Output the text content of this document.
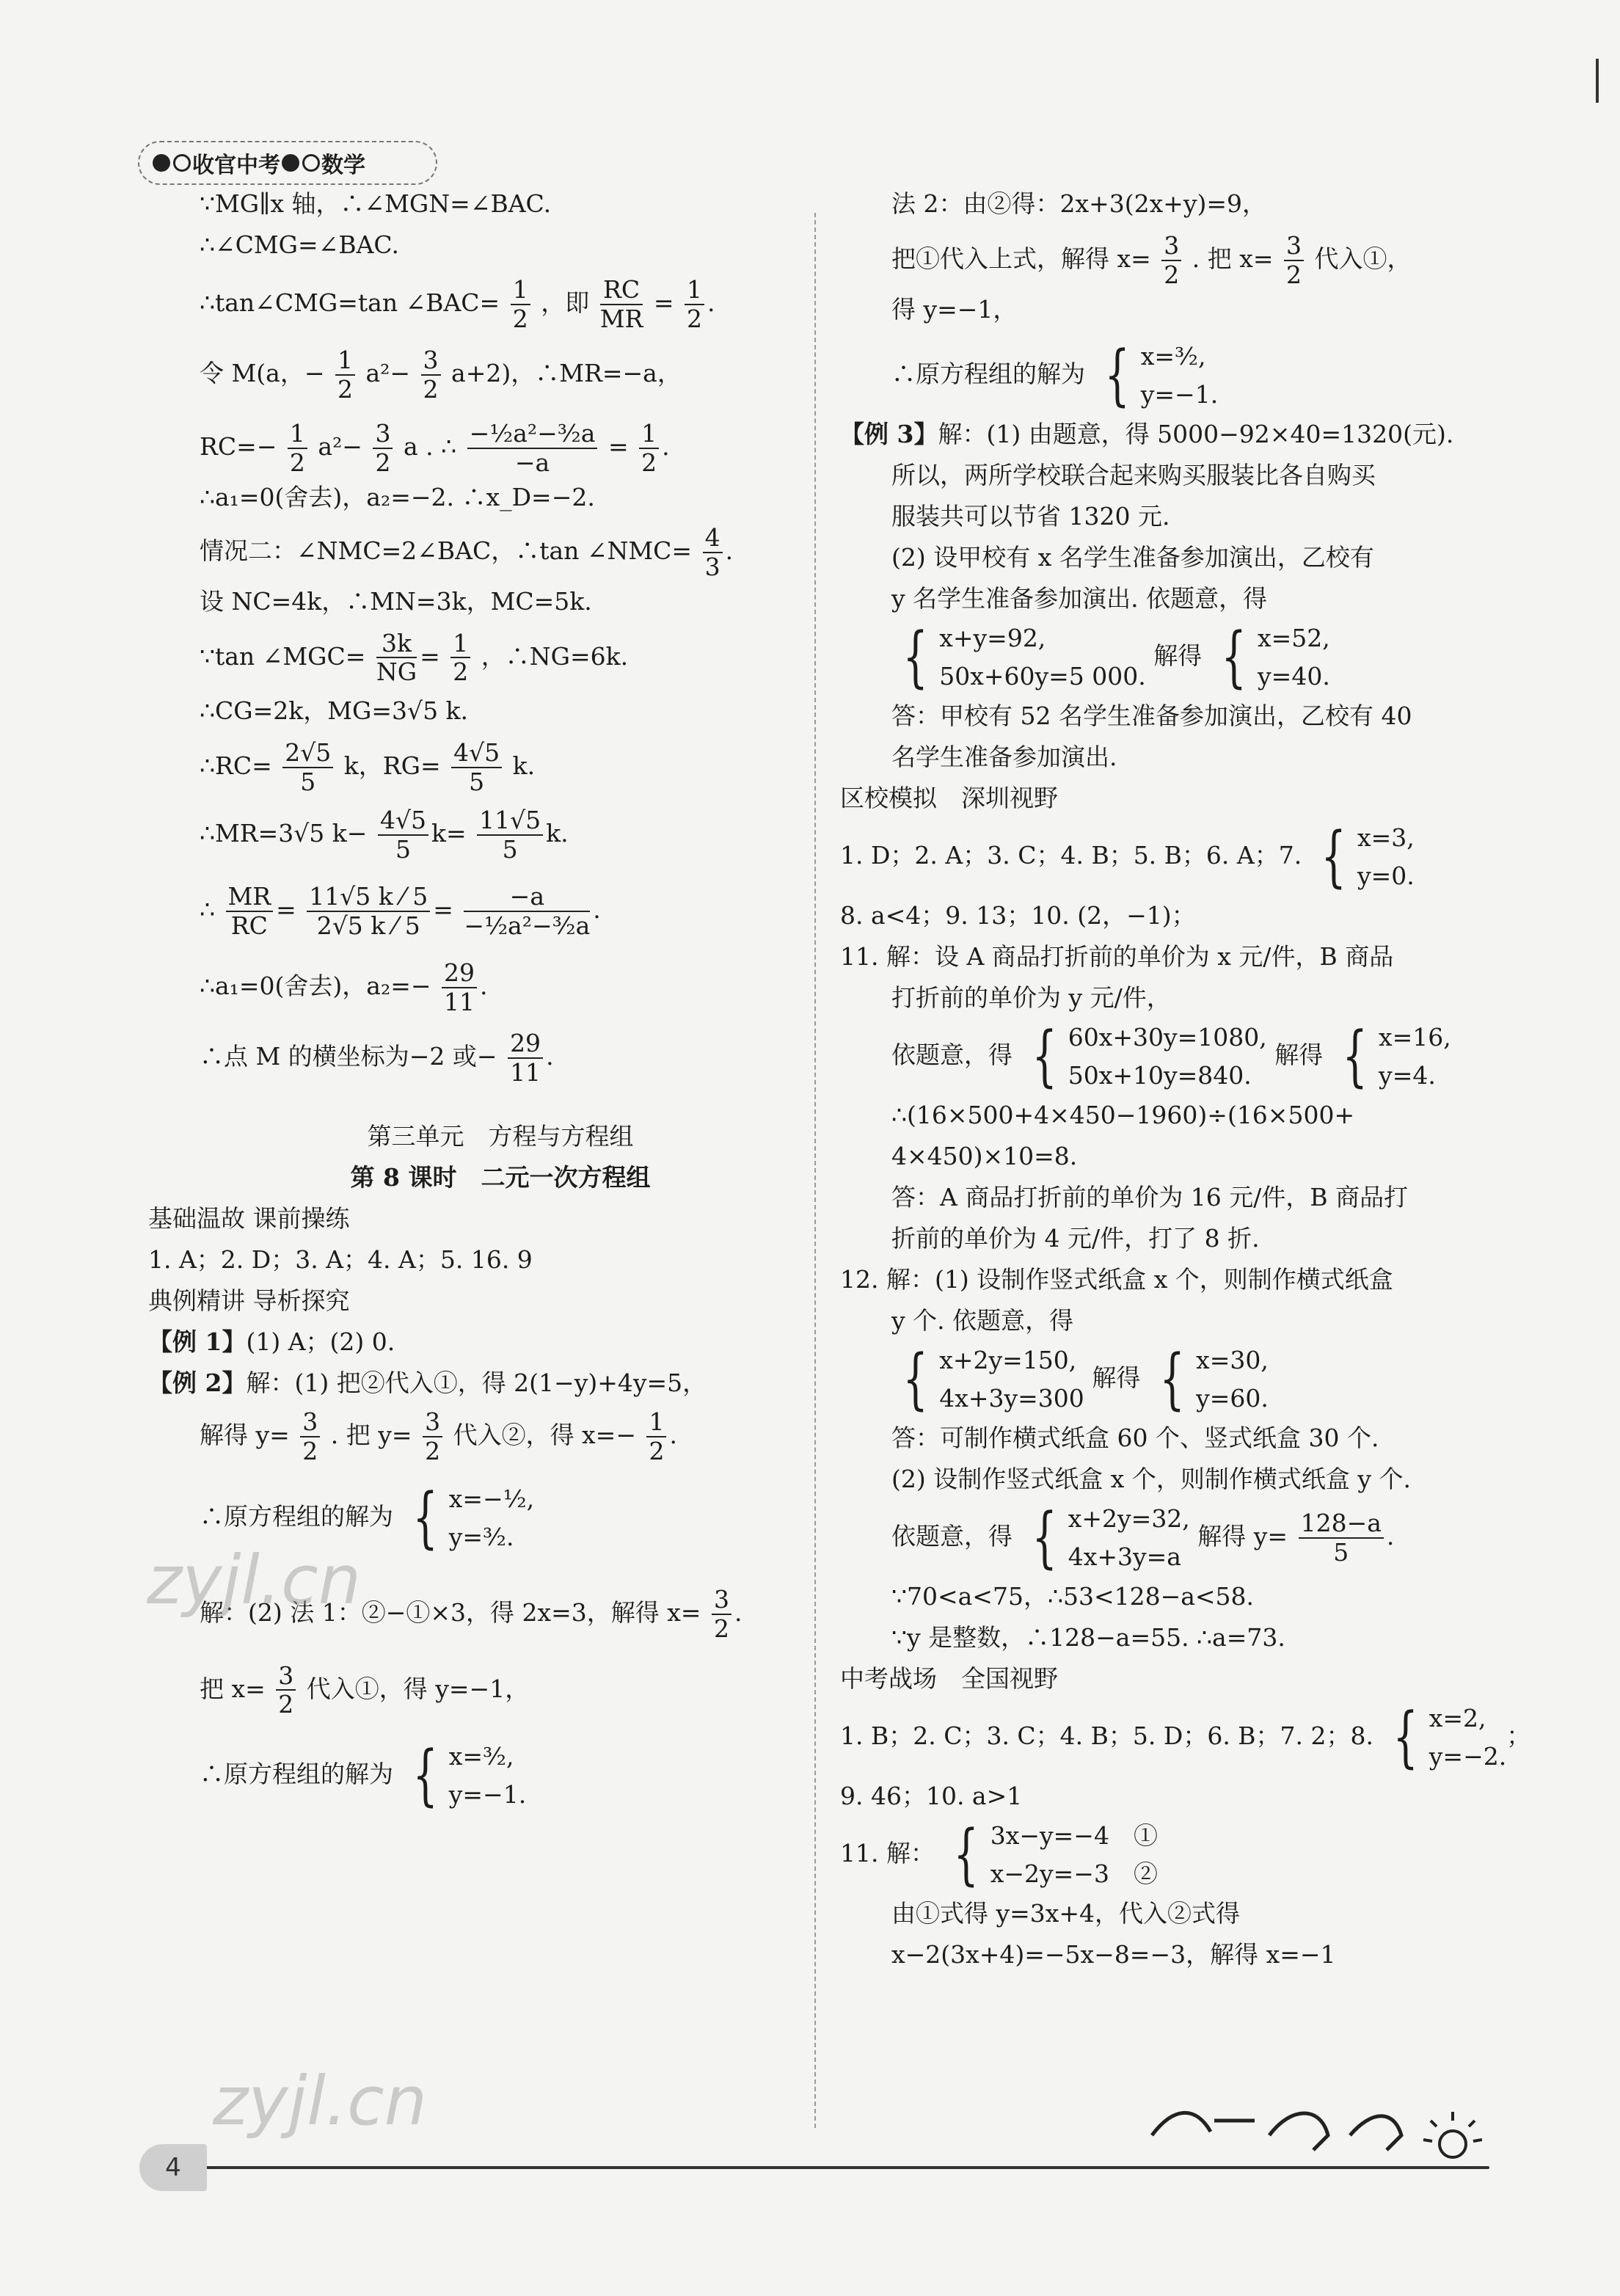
收官中考 数学
∵MG∥x 轴，∴∠MGN=∠BAC.
∴∠CMG=∠BAC.
∴tan∠CMG=tan ∠BAC= $\frac{1}{2}$ ，即 $\frac{RC}{MR} = \frac{1}{2}$ .
令 M(a，− $\frac{1}{2} a^2- \frac{3}{2} a+2$)，∴MR=−a，
$RC=- \frac{1}{2} a^2- \frac{3}{2}$ a . ∴ $\frac{\text{−½a²−³⁄₂a}}{-a} = \frac{1}{2}$ .
∴a₁=0(舍去)，a₂=−2. ∴x_D=−2.
情况二：∠NMC=2∠BAC，∴tan ∠NMC= $\frac{4}{3}$ .
设 NC=4k，∴MN=3k，MC=5k.
∵tan ∠MGC= $\frac{3k}{NG} = \frac{1}{2}$ ，∴NG=6k.
∴CG=2k，MG=3√5 k.
∴RC= $\frac{2√5}{5}$ k，$RG= \frac{4√5}{5} k$.
∴MR=3√5 $k- \frac{4√5}{5} k= \frac{11√5}{5} k$.
∴ $\frac{MR}{RC} = \frac{11√5 k ⁄ 5}{2√5 k ⁄ 5} = \frac{-a}{\text{−½a²−³⁄₂a}}$ .
∴a₁=0(舍去)，$a_2=- \frac{29}{11}$ .
∴点 M 的横坐标为−2 或− $\frac{29}{11}$ .
第三单元　方程与方程组
第 8 课时　二元一次方程组
基础温故 课前操练
1. A；2. D；3. A；4. A；5. 16. 9
典例精讲 导析探究
【例 1】(1) A；(2) 0.
【例 2】解：(1) 把②代入①，得 2(1−y)+4y=5，
解得 $y= \frac{3}{2}$ . 把 $y= \frac{3}{2}$ 代入②，得 $x=- \frac{1}{2}$ .
∴原方程组的解为 { x=−½,
y=³⁄₂.
解：(2) 法 1：②−①×3，得 2x=3，解得 $x= \frac{3}{2}$ .
把 $x= \frac{3}{2}$ 代入①，得 y=−1，
∴原方程组的解为 { x=³⁄₂,
y=−1.
法 2：由②得：2x+3(2x+y)=9，
把①代入上式，解得 $x= \frac{3}{2}$ . 把 $x= \frac{3}{2}$ 代入①，
得 y=−1，
∴原方程组的解为 { x=³⁄₂,
y=−1.
【例 3】解：(1) 由题意，得 5000−92×40=1320(元).
所以，两所学校联合起来购买服装比各自购买
服装共可以节省 1320 元.
(2) 设甲校有 x 名学生准备参加演出，乙校有
y 名学生准备参加演出. 依题意，得
{ x+y=92,
50x+60y=5 000.
解得 { x=52,
y=40.
答：甲校有 52 名学生准备参加演出，乙校有 40
名学生准备参加演出.
区校模拟　深圳视野
1. D；2. A；3. C；4. B；5. B；6. A；7. { x=3,
y=0.
8. a<4；9. 13；10. (2，−1)；
11. 解：设 A 商品打折前的单价为 x 元/件，B 商品
打折前的单价为 y 元/件，
依题意，得 { 60x+30y=1080,
50x+10y=840.
解得 { x=16,
y=4.
∴(16×500+4×450−1960)÷(16×500+
4×450)×10=8.
答：A 商品打折前的单价为 16 元/件，B 商品打
折前的单价为 4 元/件，打了 8 折.
12. 解：(1) 设制作竖式纸盒 x 个，则制作横式纸盒
y 个. 依题意，得
{ x+2y=150,
4x+3y=300
解得 { x=30,
y=60.
答：可制作横式纸盒 60 个、竖式纸盒 30 个.
(2) 设制作竖式纸盒 x 个，则制作横式纸盒 y 个.
依题意，得 { x+2y=32,
4x+3y=a
解得 $y= \frac{128-a}{5}$ .
∵70<a<75，∴53<128−a<58.
∵y 是整数，∴128−a=55. ∴a=73.
中考战场　全国视野
1. B；2. C；3. C；4. B；5. D；6. B；7. 2；8. { x=2,
y=−2.
；
9. 46；10. a>1
11. 解： { 3x−y=−4　①
x−2y=−3　②
由①式得 y=3x+4，代入②式得
x−2(3x+4)=−5x−8=−3，解得 x=−1
zyjl.cn
zyjl.cn
4
